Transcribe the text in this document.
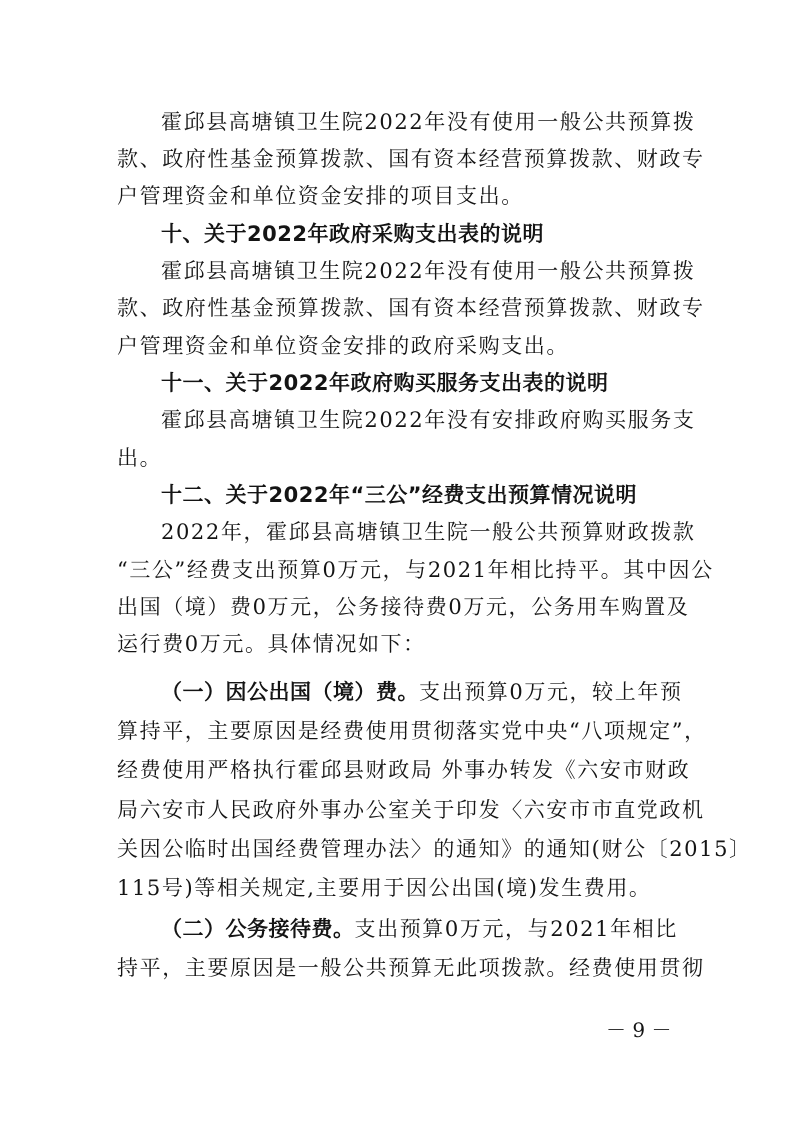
霍邱县高塘镇卫生院2022年没有使用一般公共预算拨
款、政府性基金预算拨款、国有资本经营预算拨款、财政专
户管理资金和单位资金安排的项目支出。
十、关于2022年政府采购支出表的说明
霍邱县高塘镇卫生院2022年没有使用一般公共预算拨
款、政府性基金预算拨款、国有资本经营预算拨款、财政专
户管理资金和单位资金安排的政府采购支出。
十一、关于2022年政府购买服务支出表的说明
霍邱县高塘镇卫生院2022年没有安排政府购买服务支
出。
十二、关于2022年“三公”经费支出预算情况说明
2022年，霍邱县高塘镇卫生院一般公共预算财政拨款
“三公”经费支出预算0万元，与2021年相比持平。其中因公
出国（境）费0万元，公务接待费0万元，公务用车购置及
运行费0万元。具体情况如下：
（一）因公出国（境）费。支出预算0万元，较上年预
算持平，主要原因是经费使用贯彻落实党中央“八项规定”，
经费使用严格执行霍邱县财政局 外事办转发《六安市财政
局六安市人民政府外事办公室关于印发〈六安市市直党政机
关因公临时出国经费管理办法〉的通知》的通知(财公〔2015〕
115号)等相关规定,主要用于因公出国(境)发生费用。
（二）公务接待费。支出预算0万元，与2021年相比
持平，主要原因是一般公共预算无此项拨款。经费使用贯彻
－ 9 －
